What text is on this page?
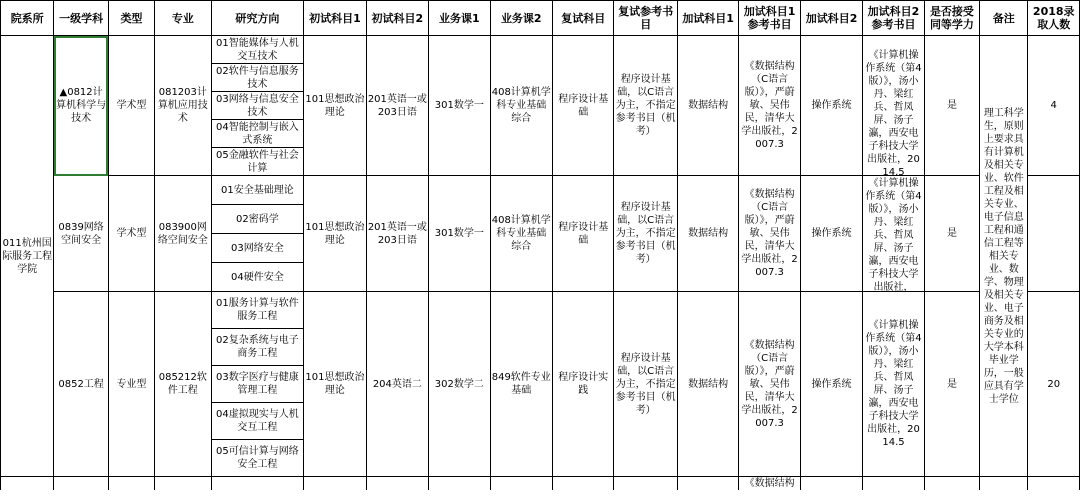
院系所	一级学科	类型	专业	研究方向	初试科目1	初试科目2	业务课1	业务课2	复试科目	复试参考书目	加试科目1	加试科目1参考书目	加试科目2	加试科目2参考书目	是否接受同等学力	备注	2018录取人数
011杭州国际服务工程学院	▲0812计算机科学与技术	学术型	081203计算机应用技术	01智能媒体与人机交互技术	101思想政治理论	201英语一或203日语	301数学一	408计算机学科专业基础综合	程序设计基础	程序设计基础，以C语言为主，不指定参考书目（机考）	数据结构	《数据结构（C语言版）》，严蔚敏、吴伟民，清华大学出版社，2007.3	操作系统	《计算机操作系统（第4版）》，汤小丹、梁红兵、哲凤屏、汤子瀛，西安电子科技大学出版社，2014.5	是	理工科学生，原则上要求具有计算机及相关专业、软件工程及相关专业、电子信息工程和通信工程等相关专业、数学、物理及相关专业、电子商务及相关专业的大学本科毕业学历，一般应具有学士学位	4
				02软件与信息服务技术													
				03网络与信息安全技术													
				04智能控制与嵌入式系统													
				05金融软件与社会计算													
	0839网络空间安全	学术型	083900网络空间安全	01安全基础理论	101思想政治理论	201英语一或203日语	301数学一	408计算机学科专业基础综合	程序设计基础	程序设计基础，以C语言为主，不指定参考书目（机考）	数据结构	《数据结构（C语言版）》，严蔚敏、吴伟民，清华大学出版社，2007.3	操作系统	《计算机操作系统（第4版）》，汤小丹、梁红兵、哲凤屏、汤子瀛，西安电子科技大学出版社，	是		
				02密码学													
				03网络安全													
				04硬件安全													
	0852工程	专业型	085212软件工程	01服务计算与软件服务工程	101思想政治理论	204英语二	302数学二	849软件专业基础	程序设计实践	程序设计基础，以C语言为主，不指定参考书目（机考）	数据结构	《数据结构（C语言版）》，严蔚敏、吴伟民，清华大学出版社，2007.3	操作系统	《计算机操作系统（第4版）》，汤小丹、梁红兵、哲凤屏、汤子瀛，西安电子科技大学出版社，2014.5	是		20
				02复杂系统与电子商务工程													
				03数字医疗与健康管理工程													
				04虚拟现实与人机交互工程													
				05可信计算与网络安全工程													
												《数据结构					
